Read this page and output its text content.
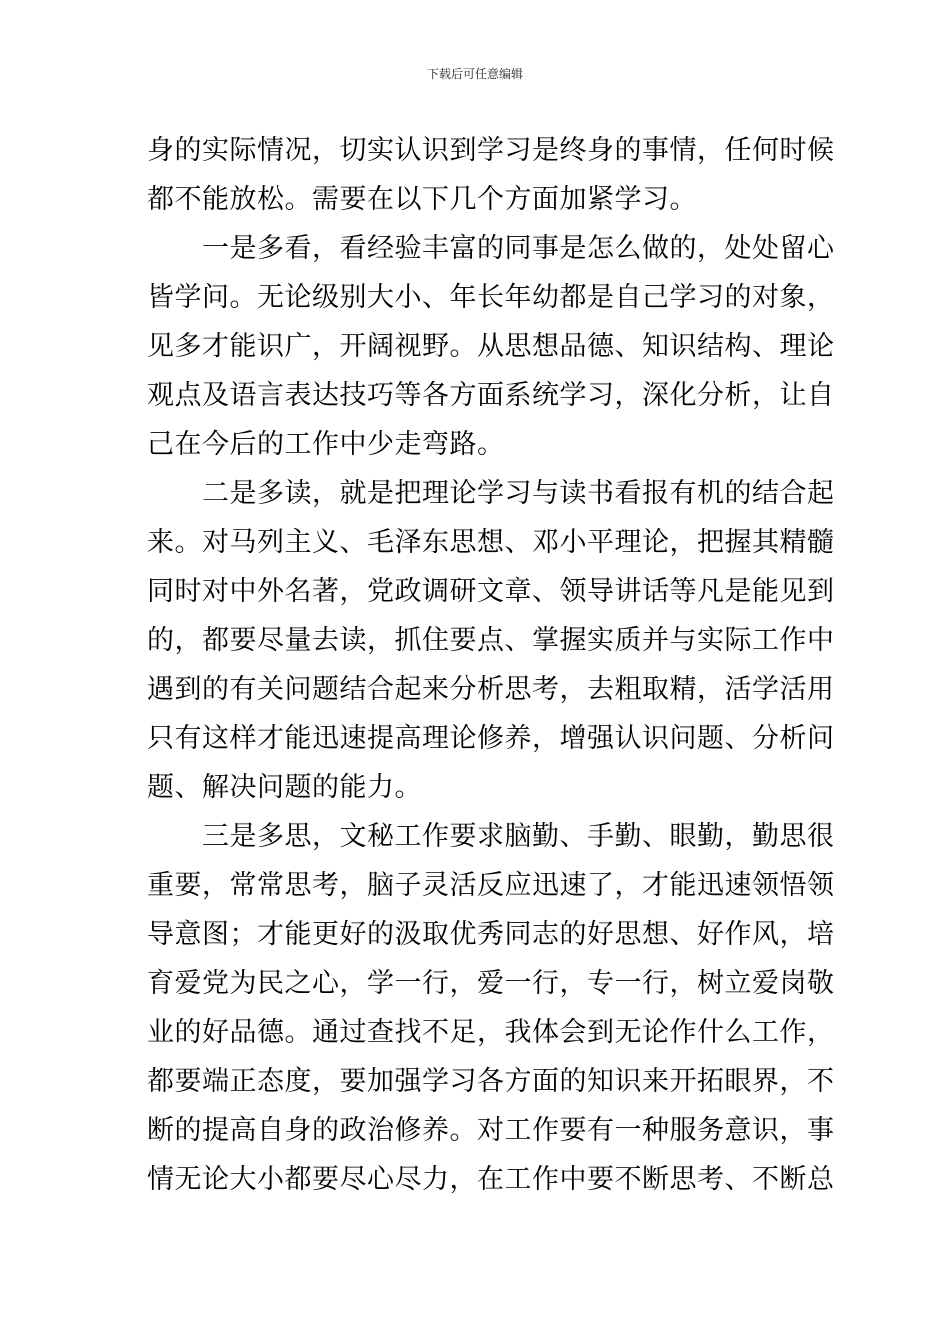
下载后可任意编辑
身的实际情况，切实认识到学习是终身的事情，任何时候
都不能放松。需要在以下几个方面加紧学习。
　　一是多看，看经验丰富的同事是怎么做的，处处留心
皆学问。无论级别大小、年长年幼都是自己学习的对象，
见多才能识广，开阔视野。从思想品德、知识结构、理论
观点及语言表达技巧等各方面系统学习，深化分析，让自
己在今后的工作中少走弯路。
　　二是多读，就是把理论学习与读书看报有机的结合起
来。对马列主义、毛泽东思想、邓小平理论，把握其精髓
同时对中外名著，党政调研文章、领导讲话等凡是能见到
的，都要尽量去读，抓住要点、掌握实质并与实际工作中
遇到的有关问题结合起来分析思考，去粗取精，活学活用
只有这样才能迅速提高理论修养，增强认识问题、分析问
题、解决问题的能力。
　　三是多思，文秘工作要求脑勤、手勤、眼勤，勤思很
重要，常常思考，脑子灵活反应迅速了，才能迅速领悟领
导意图；才能更好的汲取优秀同志的好思想、好作风，培
育爱党为民之心，学一行，爱一行，专一行，树立爱岗敬
业的好品德。通过查找不足，我体会到无论作什么工作，
都要端正态度，要加强学习各方面的知识来开拓眼界，不
断的提高自身的政治修养。对工作要有一种服务意识，事
情无论大小都要尽心尽力，在工作中要不断思考、不断总
